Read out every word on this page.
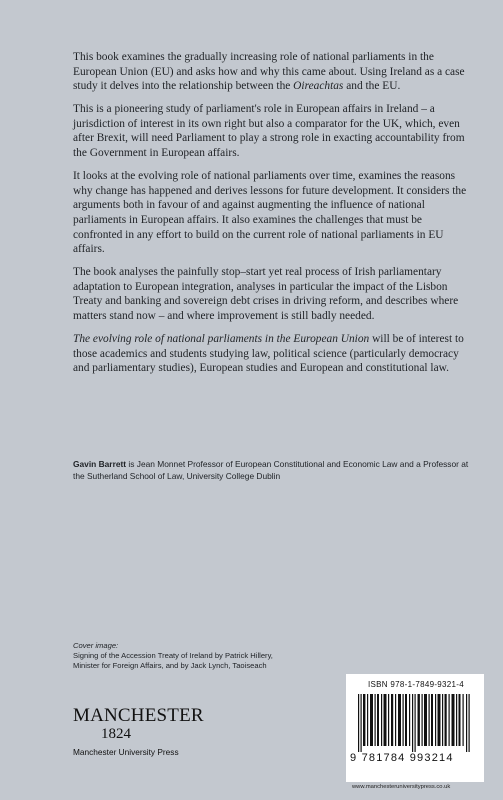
This book examines the gradually increasing role of national parliaments in the European Union (EU) and asks how and why this came about. Using Ireland as a case study it delves into the relationship between the Oireachtas and the EU.

This is a pioneering study of parliament's role in European affairs in Ireland – a jurisdiction of interest in its own right but also a comparator for the UK, which, even after Brexit, will need Parliament to play a strong role in exacting accountability from the Government in European affairs.

It looks at the evolving role of national parliaments over time, examines the reasons why change has happened and derives lessons for future development. It considers the arguments both in favour of and against augmenting the influence of national parliaments in European affairs. It also examines the challenges that must be confronted in any effort to build on the current role of national parliaments in EU affairs.

The book analyses the painfully stop–start yet real process of Irish parliamentary adaptation to European integration, analyses in particular the impact of the Lisbon Treaty and banking and sovereign debt crises in driving reform, and describes where matters stand now – and where improvement is still badly needed.

The evolving role of national parliaments in the European Union will be of interest to those academics and students studying law, political science (particularly democracy and parliamentary studies), European studies and European and constitutional law.

Gavin Barrett is Jean Monnet Professor of European Constitutional and Economic Law and a Professor at the Sutherland School of Law, University College Dublin
Cover image:
Signing of the Accession Treaty of Ireland by Patrick Hillery,
Minister for Foreign Affairs, and by Jack Lynch, Taoiseach
MANCHESTER
1824
Manchester University Press
ISBN 978-1-7849-9321-4
9 781784 993214
www.manchesteruniversitypress.co.uk
